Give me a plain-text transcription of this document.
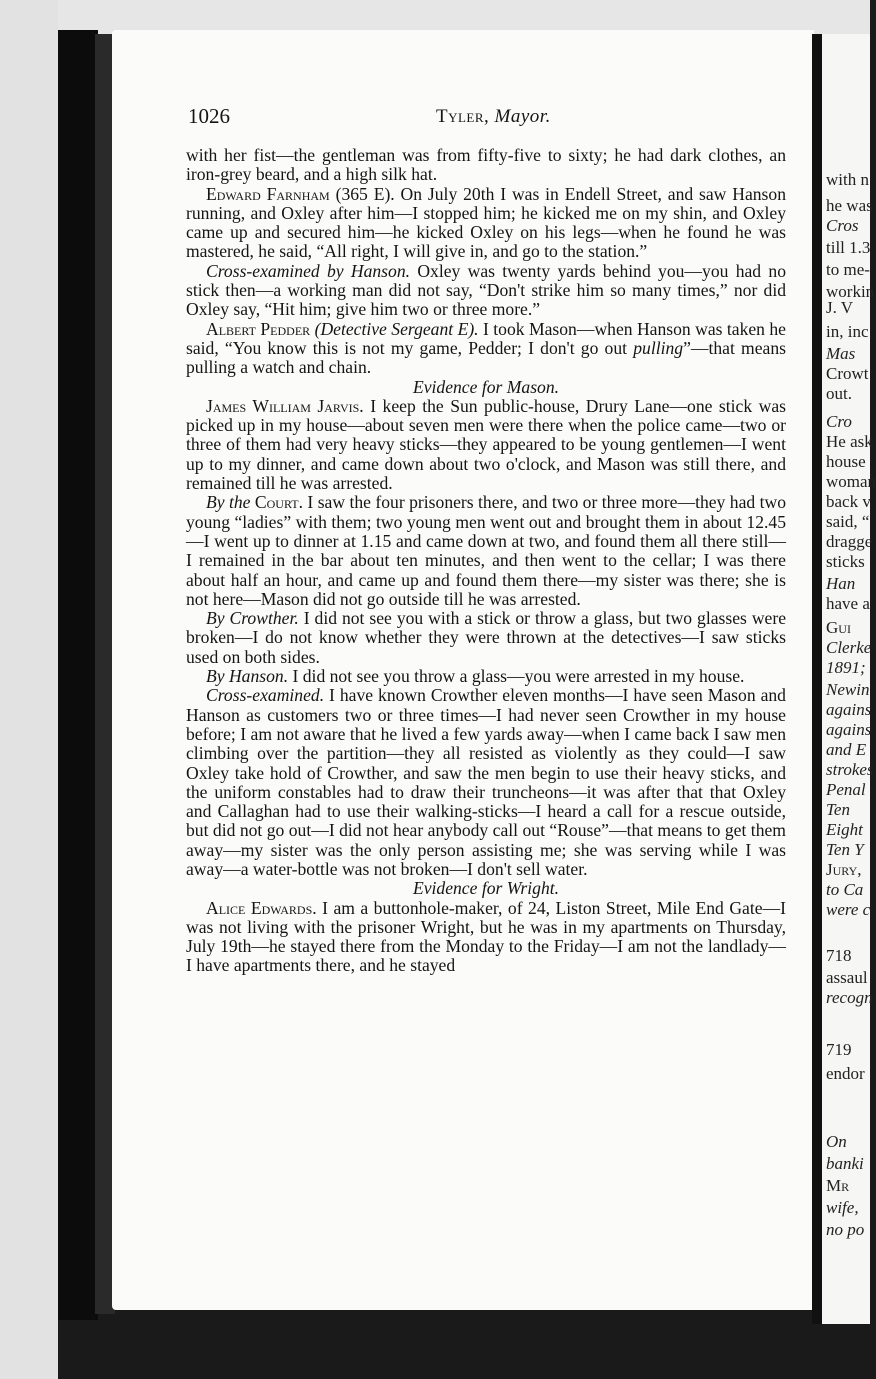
with n
he was
Cros
till 1.3
to me-
workin
J. V
in, inc
Mas
Crowt
out.
Cro
He ask
house
woman
back v
said, “
dragge
sticks
Han
have a
Gui
Clerke
1891;
Newin
agains
agains
and E
strokes
Penal
Ten
Eight
Ten Y
Jury,
to Ca
were c
718
assaul
recogn
719
endor
On
banki
Mr
wife,
no po
1026	Tyler, Mayor.

with her fist—the gentleman was from fifty-five to sixty; he had dark clothes, an iron-grey beard, and a high silk hat.

Edward Farnham (365 E). On July 20th I was in Endell Street, and saw Hanson running, and Oxley after him—I stopped him; he kicked me on my shin, and Oxley came up and secured him—he kicked Oxley on his legs—when he found he was mastered, he said, “All right, I will give in, and go to the station.”

Cross-examined by Hanson. Oxley was twenty yards behind you—you had no stick then—a working man did not say, “Don't strike him so many times,” nor did Oxley say, “Hit him; give him two or three more.”

Albert Pedder (Detective Sergeant E). I took Mason—when Hanson was taken he said, “You know this is not my game, Pedder; I don't go out pulling”—that means pulling a watch and chain.

Evidence for Mason.

James William Jarvis. I keep the Sun public-house, Drury Lane—one stick was picked up in my house—about seven men were there when the police came—two or three of them had very heavy sticks—they appeared to be young gentlemen—I went up to my dinner, and came down about two o'clock, and Mason was still there, and remained till he was arrested.

By the Court. I saw the four prisoners there, and two or three more—they had two young “ladies” with them; two young men went out and brought them in about 12.45—I went up to dinner at 1.15 and came down at two, and found them all there still—I remained in the bar about ten minutes, and then went to the cellar; I was there about half an hour, and came up and found them there—my sister was there; she is not here—Mason did not go outside till he was arrested.

By Crowther. I did not see you with a stick or throw a glass, but two glasses were broken—I do not know whether they were thrown at the detectives—I saw sticks used on both sides.

By Hanson. I did not see you throw a glass—you were arrested in my house.

Cross-examined. I have known Crowther eleven months—I have seen Mason and Hanson as customers two or three times—I had never seen Crowther in my house before; I am not aware that he lived a few yards away—when I came back I saw men climbing over the partition—they all resisted as violently as they could—I saw Oxley take hold of Crowther, and saw the men begin to use their heavy sticks, and the uniform constables had to draw their truncheons—it was after that that Oxley and Callaghan had to use their walking-sticks—I heard a call for a rescue outside, but did not go out—I did not hear anybody call out “Rouse”—that means to get them away—my sister was the only person assisting me; she was serving while I was away—a water-bottle was not broken—I don't sell water.

Evidence for Wright.

Alice Edwards. I am a buttonhole-maker, of 24, Liston Street, Mile End Gate—I was not living with the prisoner Wright, but he was in my apartments on Thursday, July 19th—he stayed there from the Monday to the Friday—I am not the landlady—I have apartments there, and he stayed
